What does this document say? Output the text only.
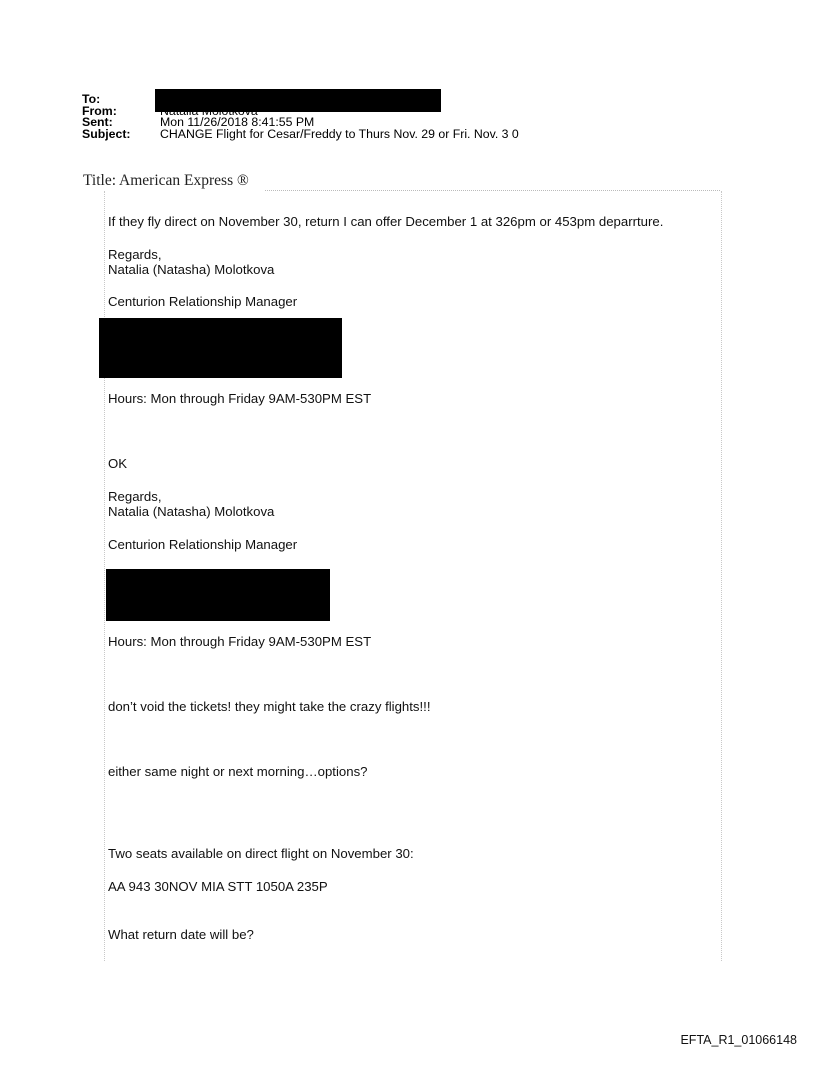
To:
From:	Natalia Molotkova
Sent:	Mon 11/26/2018 8:41:55 PM
Subject:	CHANGE Flight for Cesar/Freddy to Thurs Nov. 29 or Fri. Nov. 3 0
Title: American Express ®
If they fly direct on November 30, return I can offer December 1 at 326pm or 453pm deparrture.
Regards,
Natalia (Natasha) Molotkova
Centurion Relationship Manager
Hours: Mon through Friday 9AM-530PM EST
OK
Regards,
Natalia (Natasha) Molotkova
Centurion Relationship Manager
Hours: Mon through Friday 9AM-530PM EST
don’t void the tickets! they might take the crazy flights!!!
either same night or next morning…options?
Two seats available on direct flight on November 30:
AA 943 30NOV MIA STT 1050A 235P
What return date will be?
EFTA_R1_01066148
